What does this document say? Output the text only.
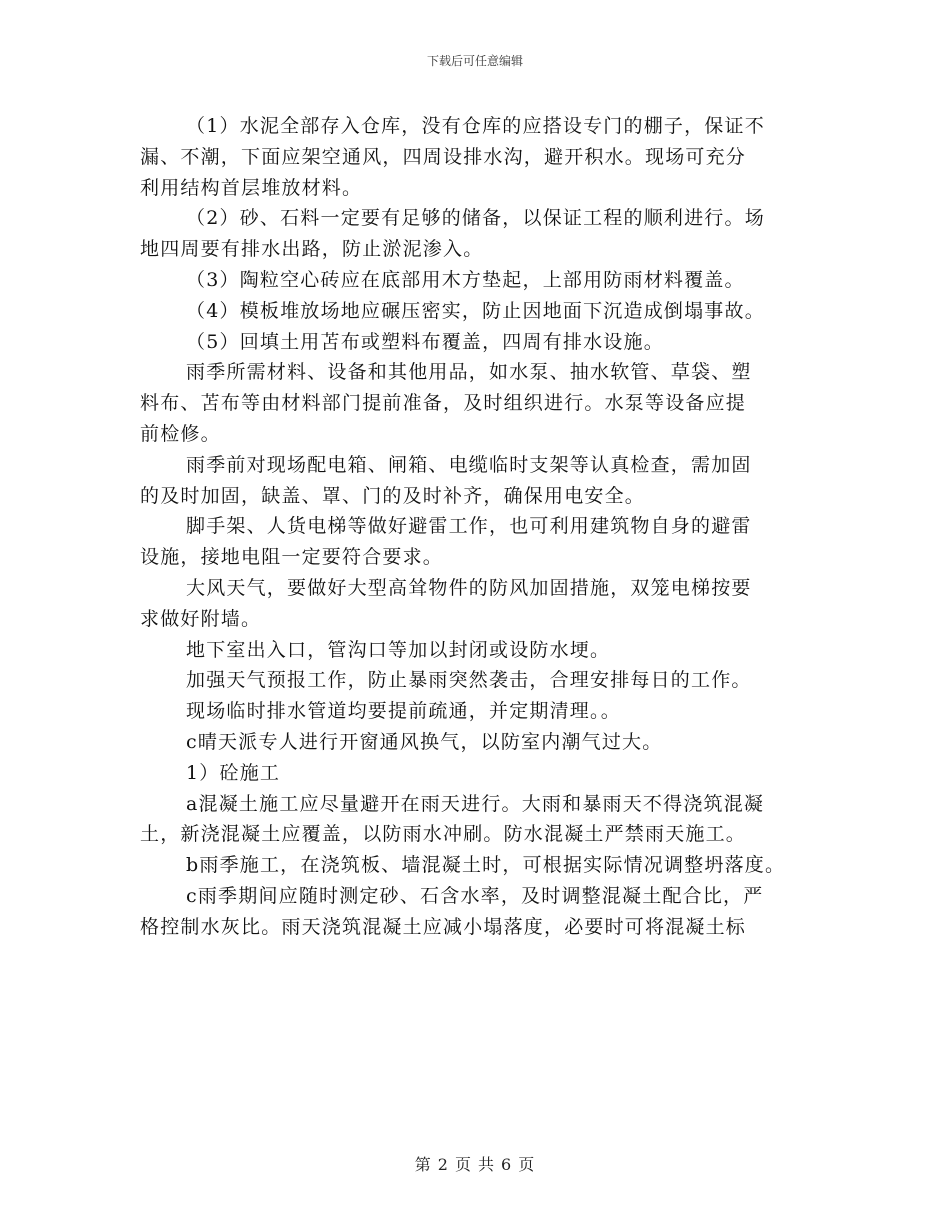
下载后可任意编辑
（1）水泥全部存入仓库，没有仓库的应搭设专门的棚子，保证不
漏、不潮，下面应架空通风，四周设排水沟，避开积水。现场可充分
利用结构首层堆放材料。
（2）砂、石料一定要有足够的储备，以保证工程的顺利进行。场
地四周要有排水出路，防止淤泥渗入。
（3）陶粒空心砖应在底部用木方垫起，上部用防雨材料覆盖。
（4）模板堆放场地应碾压密实，防止因地面下沉造成倒塌事故。
（5）回填土用苫布或塑料布覆盖，四周有排水设施。
雨季所需材料、设备和其他用品，如水泵、抽水软管、草袋、塑
料布、苫布等由材料部门提前准备，及时组织进行。水泵等设备应提
前检修。
雨季前对现场配电箱、闸箱、电缆临时支架等认真检查，需加固
的及时加固，缺盖、罩、门的及时补齐，确保用电安全。
脚手架、人货电梯等做好避雷工作，也可利用建筑物自身的避雷
设施，接地电阻一定要符合要求。
大风天气，要做好大型高耸物件的防风加固措施，双笼电梯按要
求做好附墙。
地下室出入口，管沟口等加以封闭或设防水埂。
加强天气预报工作，防止暴雨突然袭击，合理安排每日的工作。
现场临时排水管道均要提前疏通，并定期清理。。
c晴天派专人进行开窗通风换气，以防室内潮气过大。
1）砼施工
a混凝土施工应尽量避开在雨天进行。大雨和暴雨天不得浇筑混凝
土，新浇混凝土应覆盖，以防雨水冲刷。防水混凝土严禁雨天施工。
b雨季施工，在浇筑板、墙混凝土时，可根据实际情况调整坍落度。
c雨季期间应随时测定砂、石含水率，及时调整混凝土配合比，严
格控制水灰比。雨天浇筑混凝土应减小塌落度，必要时可将混凝土标
第 2 页 共 6 页
